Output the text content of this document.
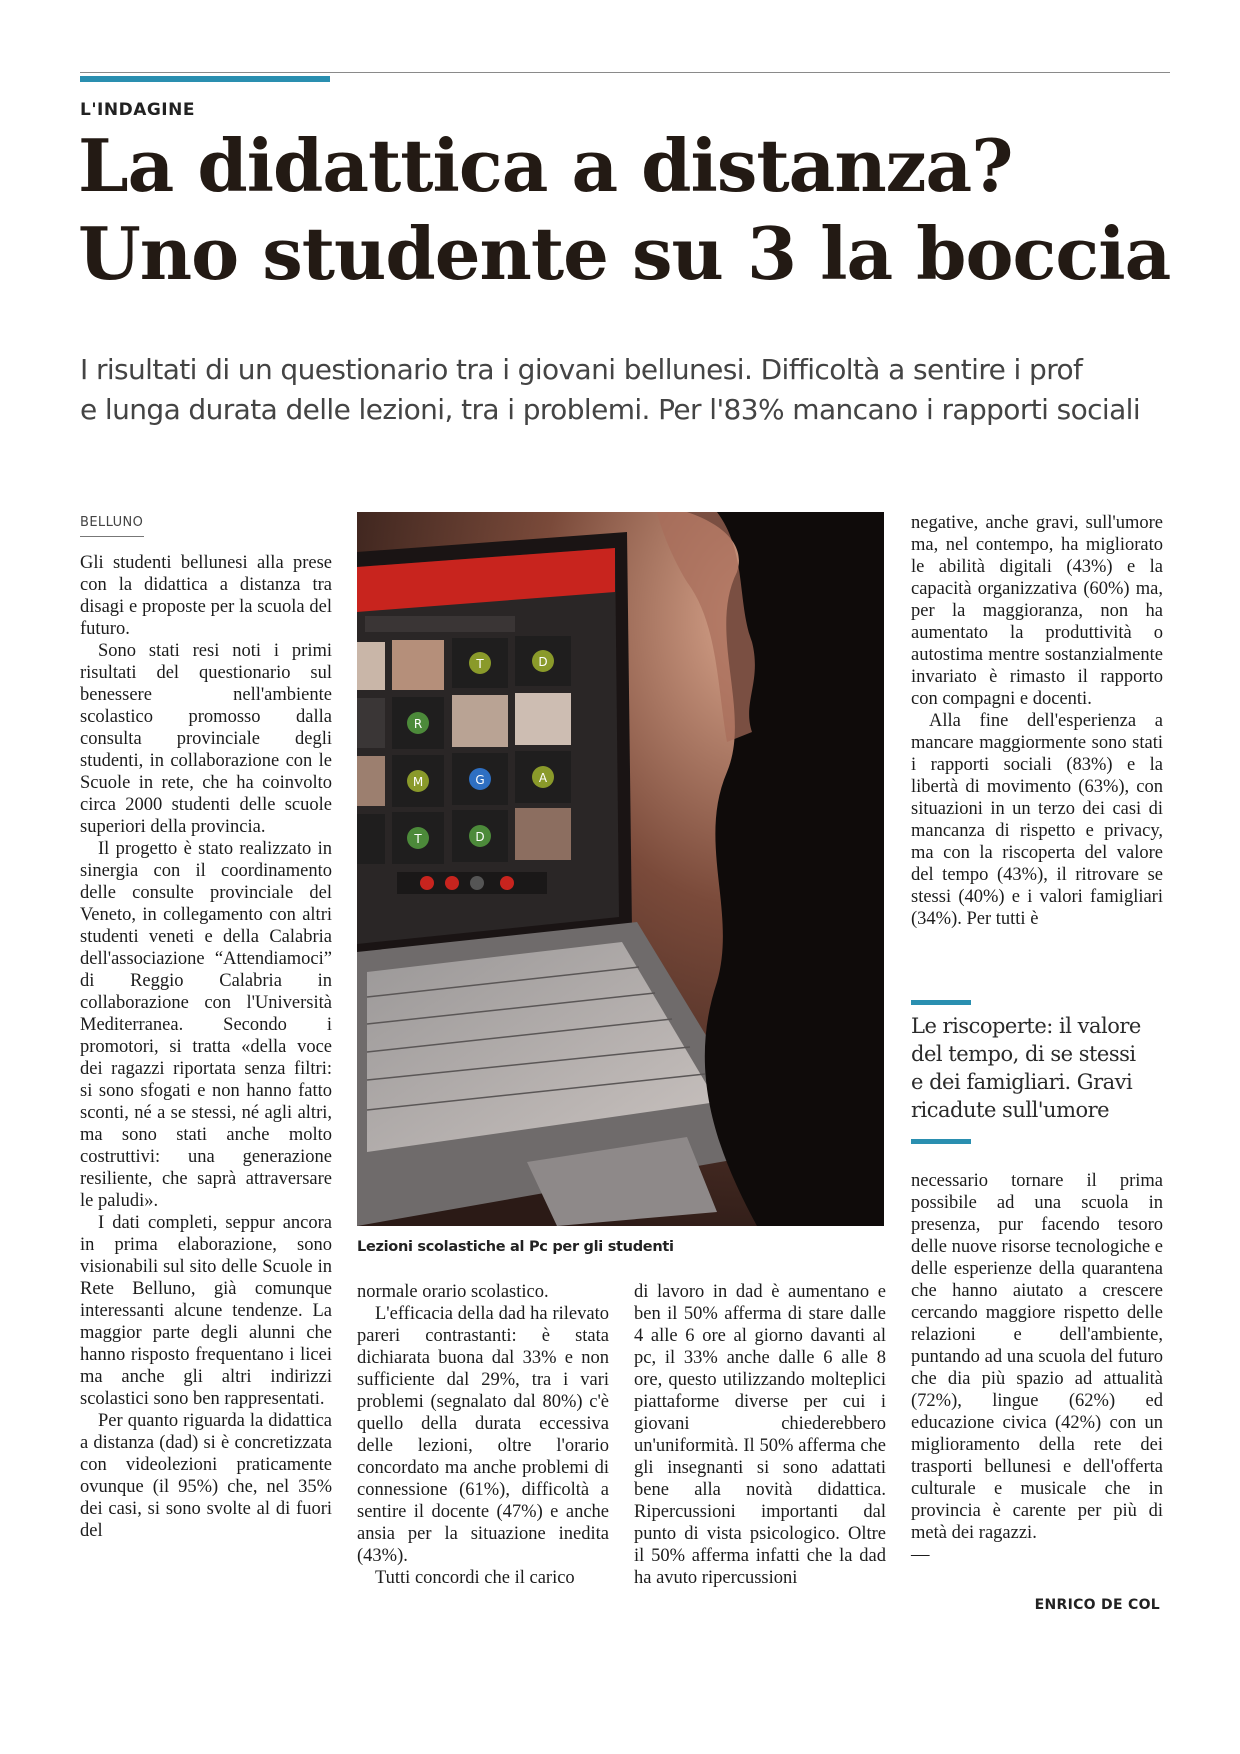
L'INDAGINE
La didattica a distanza?
Uno studente su 3 la boccia
I risultati di un questionario tra i giovani bellunesi. Difficoltà a sentire i prof
e lunga durata delle lezioni, tra i problemi. Per l'83% mancano i rapporti sociali
BELLUNO

Gli studenti bellunesi alla prese con la didattica a distanza tra disagi e proposte per la scuola del futuro.

Sono stati resi noti i primi risultati del questionario sul benessere nell'ambiente scolastico promosso dalla consulta provinciale degli studenti, in collaborazione con le Scuole in rete, che ha coinvolto circa 2000 studenti delle scuole superiori della provincia.

Il progetto è stato realizzato in sinergia con il coordinamento delle consulte provinciale del Veneto, in collegamento con altri studenti veneti e della Calabria dell'associazione “Attendiamoci” di Reggio Calabria in collaborazione con l'Università Mediterranea. Secondo i promotori, si tratta «della voce dei ragazzi riportata senza filtri: si sono sfogati e non hanno fatto sconti, né a se stessi, né agli altri, ma sono stati anche molto costruttivi: una generazione resiliente, che saprà attraversare le paludi».

I dati completi, seppur ancora in prima elaborazione, sono visionabili sul sito delle Scuole in Rete Belluno, già comunque interessanti alcune tendenze. La maggior parte degli alunni che hanno risposto frequentano i licei ma anche gli altri indirizzi scolastici sono ben rappresentati.

Per quanto riguarda la didattica a distanza (dad) si è concretizzata con videolezioni praticamente ovunque (il 95%) che, nel 35% dei casi, si sono svolte al di fuori del

T	D
R
M	G	A
T	D
Lezioni scolastiche al Pc per gli studenti

normale orario scolastico.

L'efficacia della dad ha rilevato pareri contrastanti: è stata dichiarata buona dal 33% e non sufficiente dal 29%, tra i vari problemi (segnalato dal 80%) c'è quello della durata eccessiva delle lezioni, oltre l'orario concordato ma anche problemi di connessione (61%), difficoltà a sentire il docente (47%) e anche ansia per la situazione inedita (43%).

Tutti concordi che il carico

di lavoro in dad è aumentano e ben il 50% afferma di stare dalle 4 alle 6 ore al giorno davanti al pc, il 33% anche dalle 6 alle 8 ore, questo utilizzando molteplici piattaforme diverse per cui i giovani chiederebbero un'uniformità. Il 50% afferma che gli insegnanti si sono adattati bene alla novità didattica. Ripercussioni importanti dal punto di vista psicologico. Oltre il 50% afferma infatti che la dad ha avuto ripercussioni

negative, anche gravi, sull'umore ma, nel contempo, ha migliorato le abilità digitali (43%) e la capacità organizzativa (60%) ma, per la maggioranza, non ha aumentato la produttività o autostima mentre sostanzialmente invariato è rimasto il rapporto con compagni e docenti.

Alla fine dell'esperienza a mancare maggiormente sono stati i rapporti sociali (83%) e la libertà di movimento (63%), con situazioni in un terzo dei casi di mancanza di rispetto e privacy, ma con la riscoperta del valore del tempo (43%), il ritrovare se stessi (40%) e i valori famigliari (34%). Per tutti è

Le riscoperte: il valore
del tempo, di se stessi
e dei famigliari. Gravi
ricadute sull'umore

necessario tornare il prima possibile ad una scuola in presenza, pur facendo tesoro delle nuove risorse tecnologiche e delle esperienze della quarantena che hanno aiutato a crescere cercando maggiore rispetto delle relazioni e dell'ambiente, puntando ad una scuola del futuro che dia più spazio ad attualità (72%), lingue (62%) ed educazione civica (42%) con un miglioramento della rete dei trasporti bellunesi e dell'offerta culturale e musicale che in provincia è carente per più di metà dei ragazzi.

—
ENRICO DE COL
